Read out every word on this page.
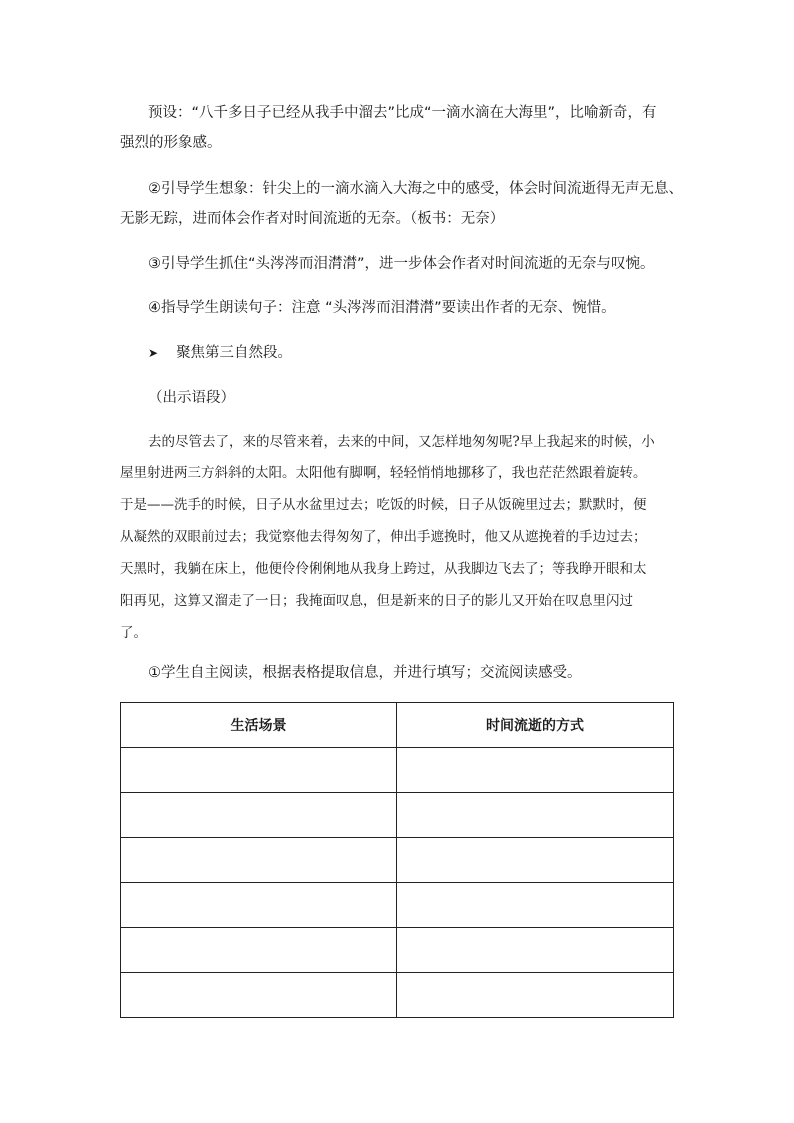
预设：“八千多日子已经从我手中溜去”比成“一滴水滴在大海里”，比喻新奇，有
强烈的形象感。
②引导学生想象：针尖上的一滴水滴入大海之中的感受，体会时间流逝得无声无息、
无影无踪，进而体会作者对时间流逝的无奈。（板书：无奈）
③引导学生抓住“头涔涔而泪潸潸”，进一步体会作者对时间流逝的无奈与叹惋。
④指导学生朗读句子：注意 “头涔涔而泪潸潸”要读出作者的无奈、惋惜。
➤ 聚焦第三自然段。
（出示语段）
去的尽管去了，来的尽管来着，去来的中间，又怎样地匆匆呢?早上我起来的时候，小
屋里射进两三方斜斜的太阳。太阳他有脚啊，轻轻悄悄地挪移了，我也茫茫然跟着旋转。
于是——洗手的时候，日子从水盆里过去；吃饭的时候，日子从饭碗里过去；默默时，便
从凝然的双眼前过去；我觉察他去得匆匆了，伸出手遮挽时，他又从遮挽着的手边过去；
天黑时，我躺在床上，他便伶伶俐俐地从我身上跨过，从我脚边飞去了；等我睁开眼和太
阳再见，这算又溜走了一日；我掩面叹息，但是新来的日子的影儿又开始在叹息里闪过
了。
①学生自主阅读，根据表格提取信息，并进行填写；交流阅读感受。
生活场景	时间流逝的方式
